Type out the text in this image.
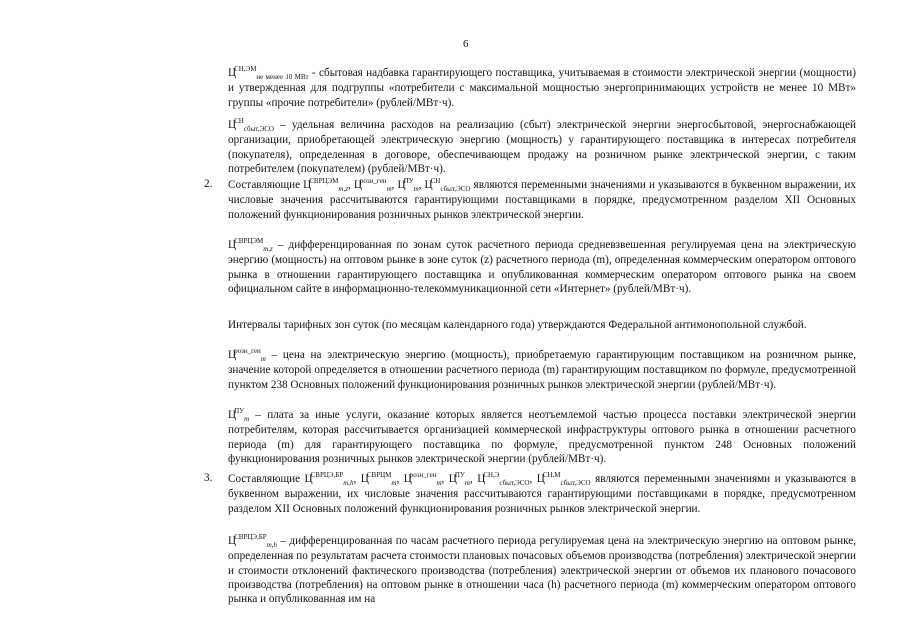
6
$Ц^{СН,ЭМ}_{не менее 10 МВт}$ - сбытовая надбавка гарантирующего поставщика, учитываемая в стоимости электрической энергии (мощности) и утвержденная для подгруппы «потребители с максимальной мощностью энергопринимающих устройств не менее 10 МВт» группы «прочие потребители» (рублей/МВт·ч).
$Ц^{СН}_{сбыт,ЭСО}$ – удельная величина расходов на реализацию (сбыт) электрической энергии энергосбытовой, энергоснабжающей организации, приобретающей электрическую энергию (мощность) у гарантирующего поставщика в интересах потребителя (покупателя), определенная в договоре, обеспечивающем продажу на розничном рынке электрической энергии, с таким потребителем (покупателем) (рублей/МВт·ч).
2. Составляющие $Ц^{СВРЦЭМ}_{m,z}$, $Ц^{розн\_ген}_m$, $Ц^{ПУ}_m$, $Ц^{СН}_{сбыт,ЭСО}$ являются переменными значениями и указываются в буквенном выражении, их числовые значения рассчитываются гарантирующими поставщиками в порядке, предусмотренном разделом XII Основных положений функционирования розничных рынков электрической энергии.
$Ц^{СВРЦЭМ}_{m,z}$ – дифференцированная по зонам суток расчетного периода средневзвешенная регулируемая цена на электрическую энергию (мощность) на оптовом рынке в зоне суток (z) расчетного периода (m), определенная коммерческим оператором оптового рынка в отношении гарантирующего поставщика и опубликованная коммерческим оператором оптового рынка на своем официальном сайте в информационно-телекоммуникационной сети «Интернет» (рублей/МВт·ч).
Интервалы тарифных зон суток (по месяцам календарного года) утверждаются Федеральной антимонопольной службой.
$Ц^{розн\_ген}_m$ – цена на электрическую энергию (мощность), приобретаемую гарантирующим поставщиком на розничном рынке, значение которой определяется в отношении расчетного периода (m) гарантирующим поставщиком по формуле, предусмотренной пунктом 238 Основных положений функционирования розничных рынков электрической энергии (рублей/МВт·ч).
$Ц^{ПУ}_m$ – плата за иные услуги, оказание которых является неотъемлемой частью процесса поставки электрической энергии потребителям, которая рассчитывается организацией коммерческой инфраструктуры оптового рынка в отношении расчетного периода (m) для гарантирующего поставщика по формуле, предусмотренной пунктом 248 Основных положений функционирования розничных рынков электрической энергии (рублей/МВт·ч).
3. Составляющие $Ц^{СВРЦЭ,БР}_{m,h}$, $Ц^{СВРЦМ}_m$, $Ц^{розн\_ген}_m$, $Ц^{ПУ}_m$, $Ц^{СН,Э}_{сбыт,ЭСО}$, $Ц^{СН,М}_{сбыт,ЭСО}$ являются переменными значениями и указываются в буквенном выражении, их числовые значения рассчитываются гарантирующими поставщиками в порядке, предусмотренном разделом XII Основных положений функционирования розничных рынков электрической энергии.
$Ц^{СВРЦЭ,БР}_{m,h}$ – дифференцированная по часам расчетного периода регулируемая цена на электрическую энергию на оптовом рынке, определенная по результатам расчета стоимости плановых почасовых объемов производства (потребления) электрической энергии и стоимости отклонений фактического производства (потребления) электрической энергии от объемов их планового почасового производства (потребления) на оптовом рынке в отношении часа (h) расчетного периода (m) коммерческим оператором оптового рынка и опубликованная им на
